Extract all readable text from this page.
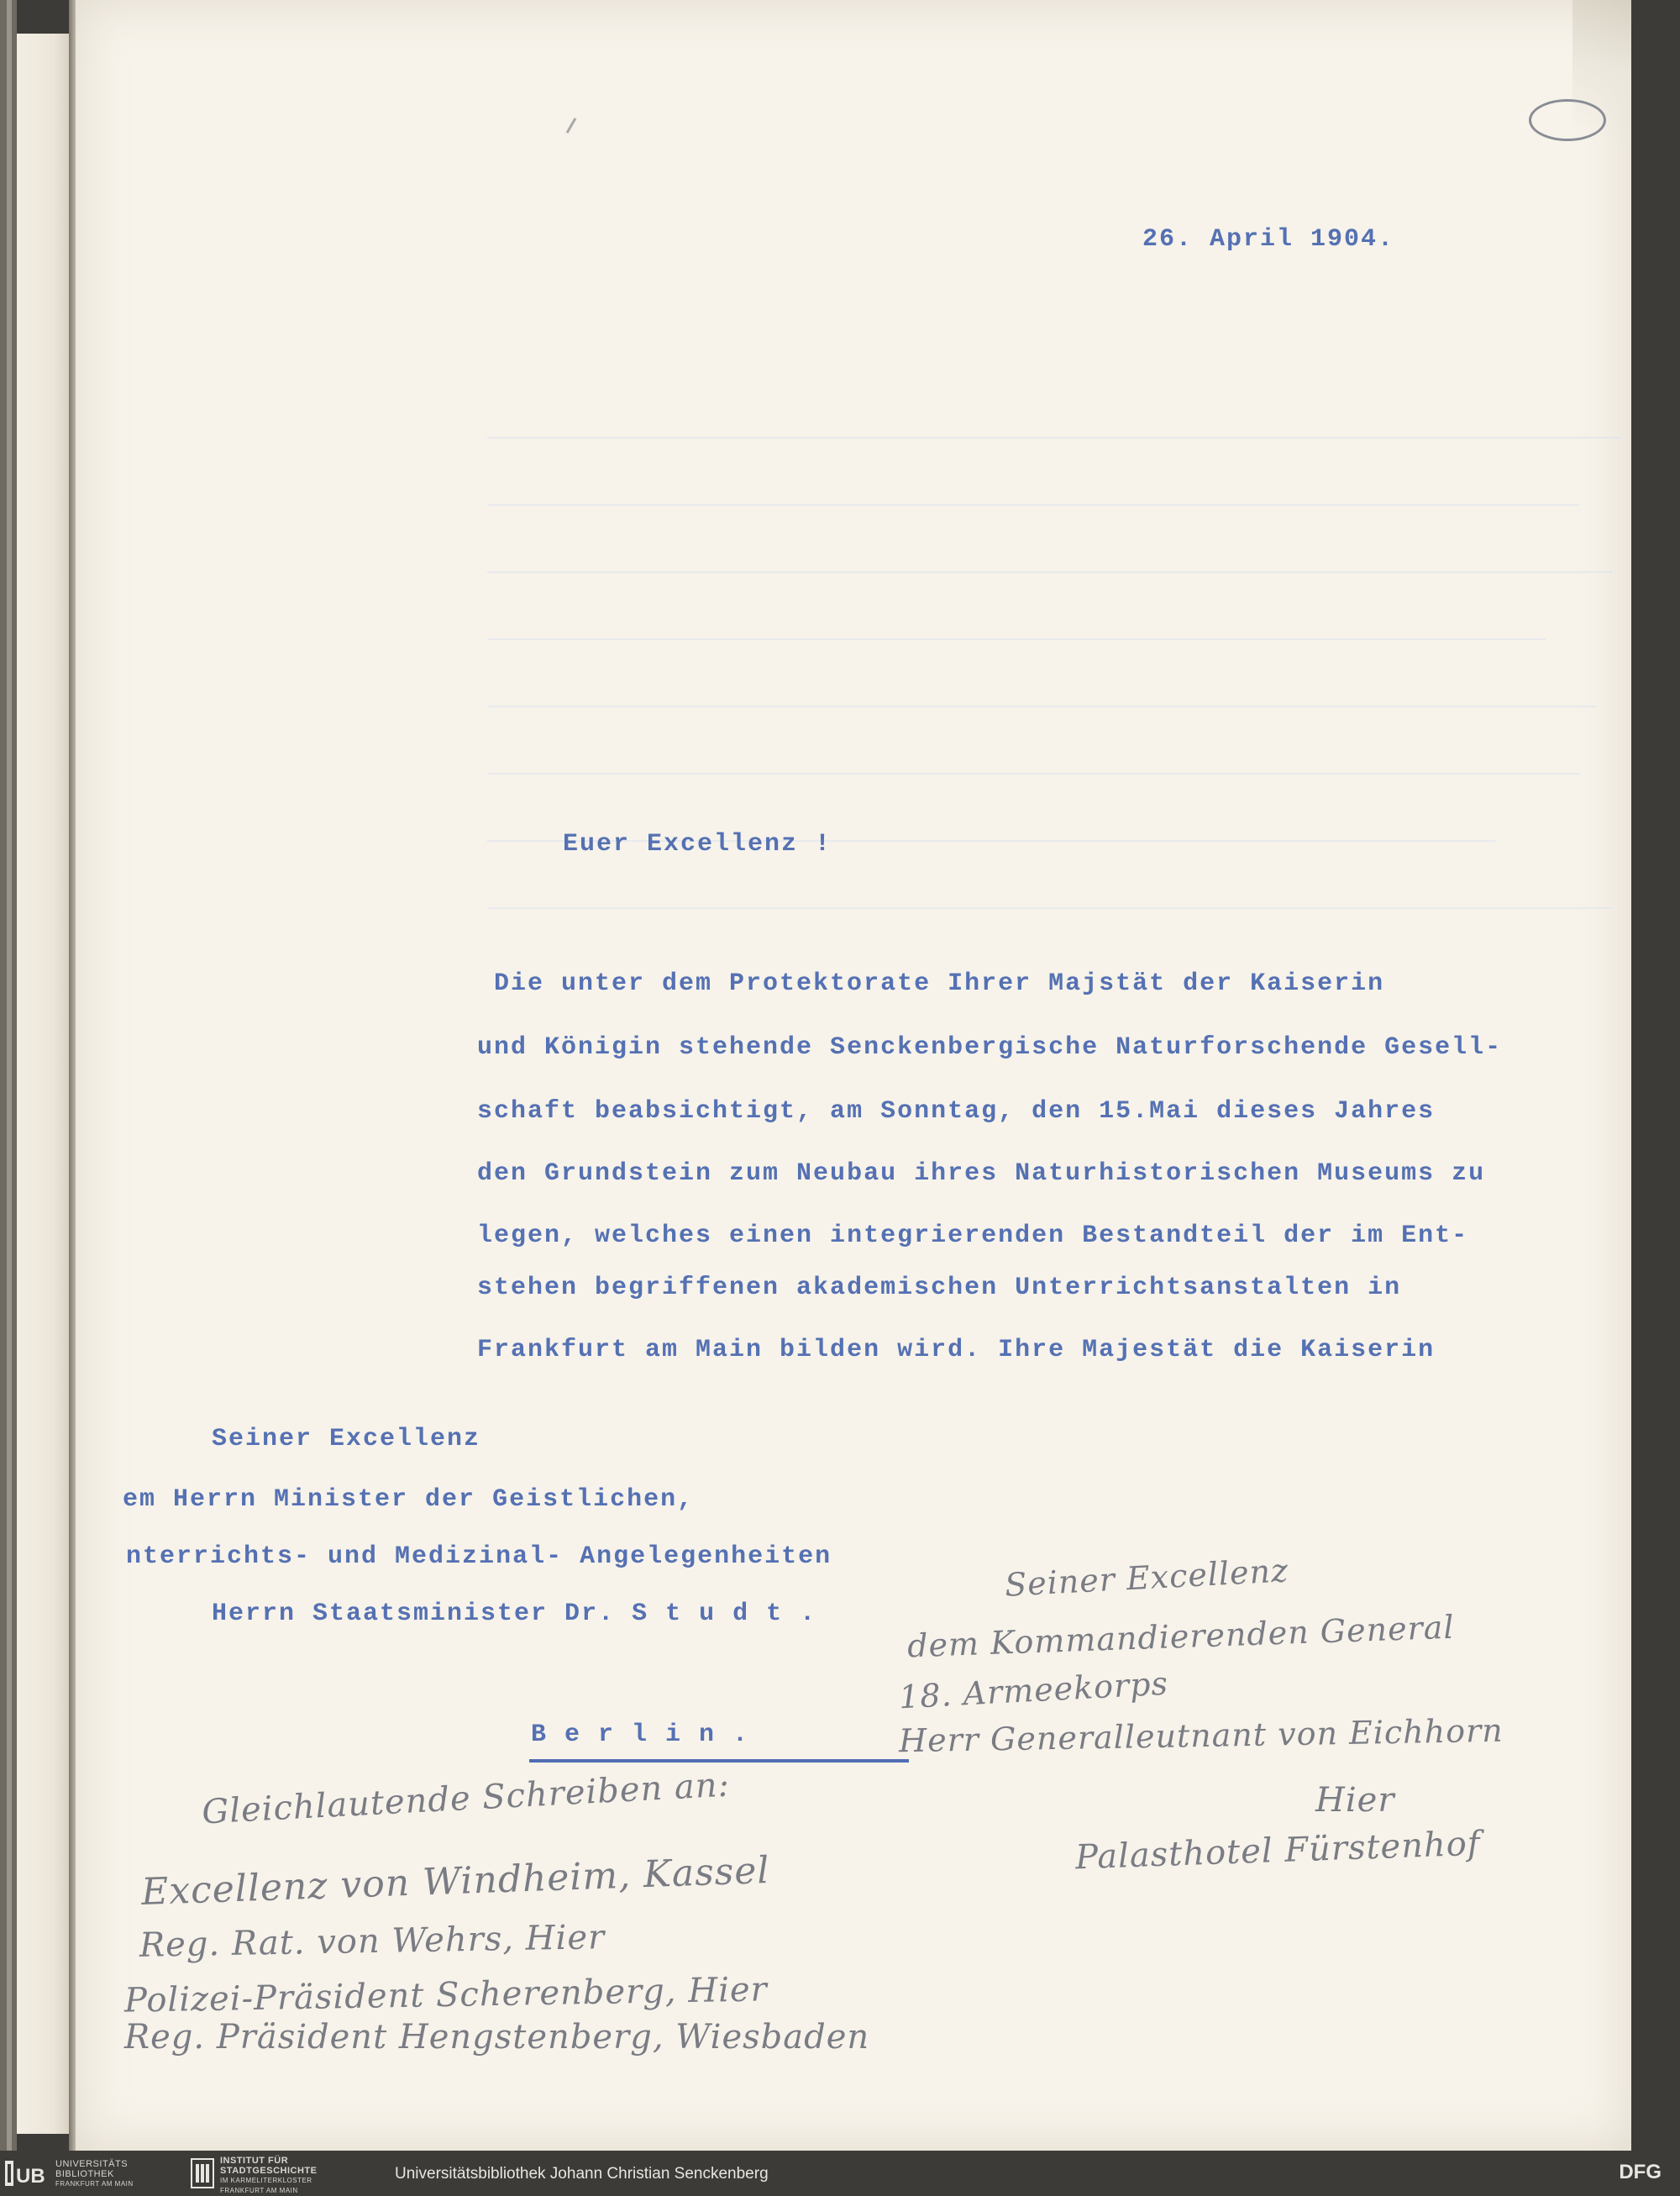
26. April 1904.
Euer Excellenz !
Die unter dem Protektorate Ihrer Majstät der Kaiserin
und Königin stehende Senckenbergische Naturforschende Gesell-
schaft beabsichtigt, am Sonntag, den 15.Mai dieses Jahres
den Grundstein zum Neubau ihres Naturhistorischen Museums zu
legen, welches einen integrierenden Bestandteil der im Ent-
stehen begriffenen akademischen Unterrichtsanstalten in
Frankfurt am Main bilden wird. Ihre Majestät die Kaiserin
Seiner Excellenz
em Herrn Minister der Geistlichen,
nterrichts- und Medizinal- Angelegenheiten
Herrn Staatsminister Dr. S t u d t .
B e r l i n .
Seiner Excellenz
dem Kommandierenden General
18. Armeekorps
Herr Generalleutnant von Eichhorn
Hier
Palasthotel Fürstenhof
Gleichlautende Schreiben an:
Excellenz von Windheim, Kassel
Reg. Rat. von Wehrs, Hier
Polizei-Präsident Scherenberg, Hier
Reg. Präsident Hengstenberg, Wiesbaden
UB
UNIVERSITÄTS
BIBLIOTHEK
FRANKFURT AM MAIN
INSTITUT FÜR
STADTGESCHICHTE
IM KARMELITERKLOSTER
FRANKFURT AM MAIN
Universitätsbibliothek Johann Christian Senckenberg	DFG
